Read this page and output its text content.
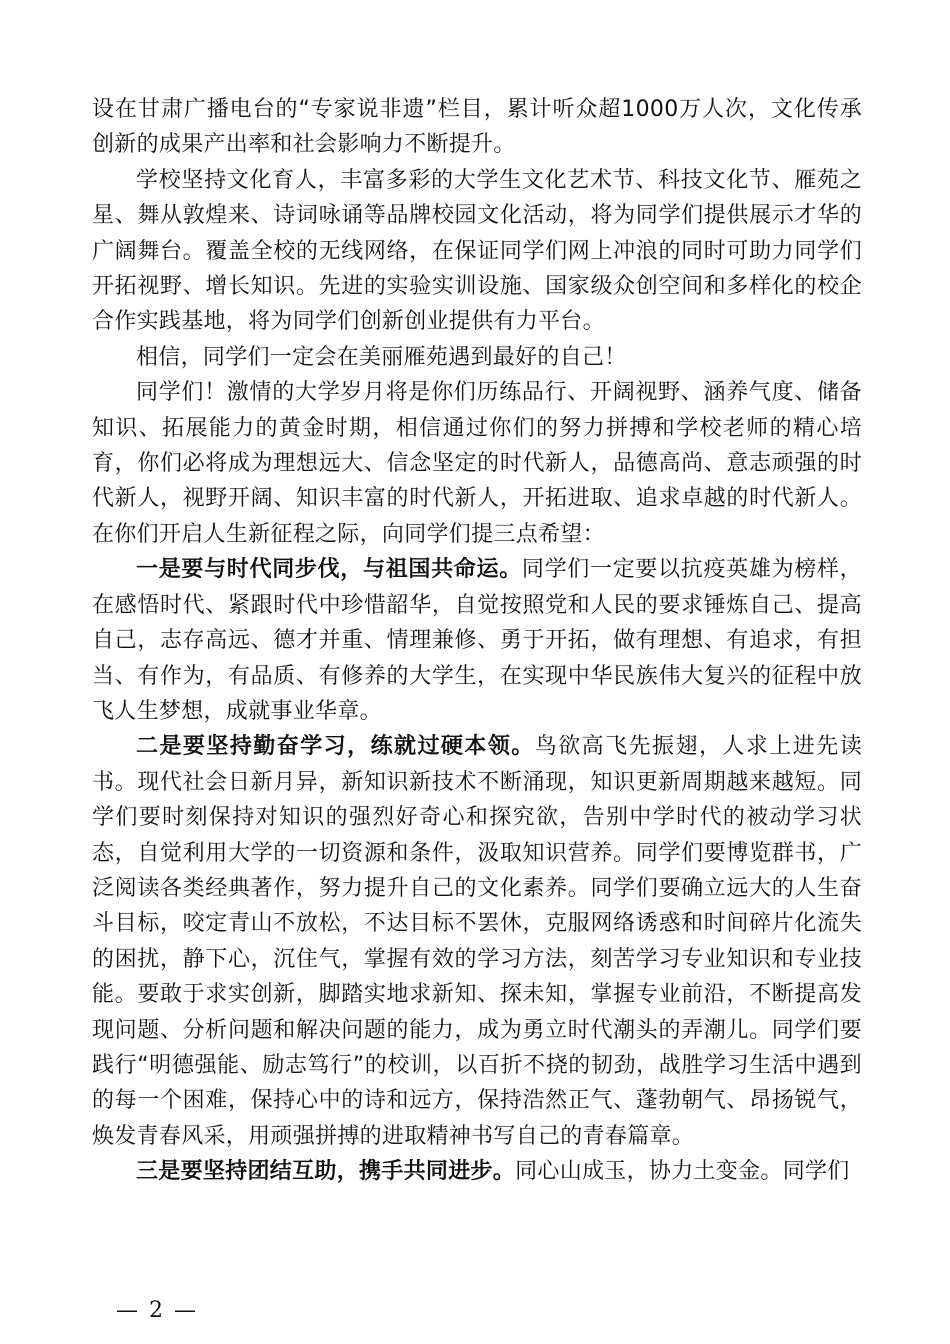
设在甘肃广播电台的“专家说非遗”栏目，累计听众超1000万人次，文化传承创新的成果产出率和社会影响力不断提升。

学校坚持文化育人，丰富多彩的大学生文化艺术节、科技文化节、雁苑之星、舞从敦煌来、诗词咏诵等品牌校园文化活动，将为同学们提供展示才华的广阔舞台。覆盖全校的无线网络，在保证同学们网上冲浪的同时可助力同学们开拓视野、增长知识。先进的实验实训设施、国家级众创空间和多样化的校企合作实践基地，将为同学们创新创业提供有力平台。

相信，同学们一定会在美丽雁苑遇到最好的自己！

同学们！激情的大学岁月将是你们历练品行、开阔视野、涵养气度、储备知识、拓展能力的黄金时期，相信通过你们的努力拼搏和学校老师的精心培育，你们必将成为理想远大、信念坚定的时代新人，品德高尚、意志顽强的时代新人，视野开阔、知识丰富的时代新人，开拓进取、追求卓越的时代新人。在你们开启人生新征程之际，向同学们提三点希望：

一是要与时代同步伐，与祖国共命运。同学们一定要以抗疫英雄为榜样，在感悟时代、紧跟时代中珍惜韶华，自觉按照党和人民的要求锤炼自己、提高自己，志存高远、德才并重、情理兼修、勇于开拓，做有理想、有追求，有担当、有作为，有品质、有修养的大学生，在实现中华民族伟大复兴的征程中放飞人生梦想，成就事业华章。

二是要坚持勤奋学习，练就过硬本领。鸟欲高飞先振翅，人求上进先读书。现代社会日新月异，新知识新技术不断涌现，知识更新周期越来越短。同学们要时刻保持对知识的强烈好奇心和探究欲，告别中学时代的被动学习状态，自觉利用大学的一切资源和条件，汲取知识营养。同学们要博览群书，广泛阅读各类经典著作，努力提升自己的文化素养。同学们要确立远大的人生奋斗目标，咬定青山不放松，不达目标不罢休，克服网络诱惑和时间碎片化流失的困扰，静下心，沉住气，掌握有效的学习方法，刻苦学习专业知识和专业技能。要敢于求实创新，脚踏实地求新知、探未知，掌握专业前沿，不断提高发现问题、分析问题和解决问题的能力，成为勇立时代潮头的弄潮儿。同学们要践行“明德强能、励志笃行”的校训，以百折不挠的韧劲，战胜学习生活中遇到的每一个困难，保持心中的诗和远方，保持浩然正气、蓬勃朝气、昂扬锐气，焕发青春风采，用顽强拼搏的进取精神书写自己的青春篇章。

三是要坚持团结互助，携手共同进步。同心山成玉，协力土变金。同学们

— 2 —
